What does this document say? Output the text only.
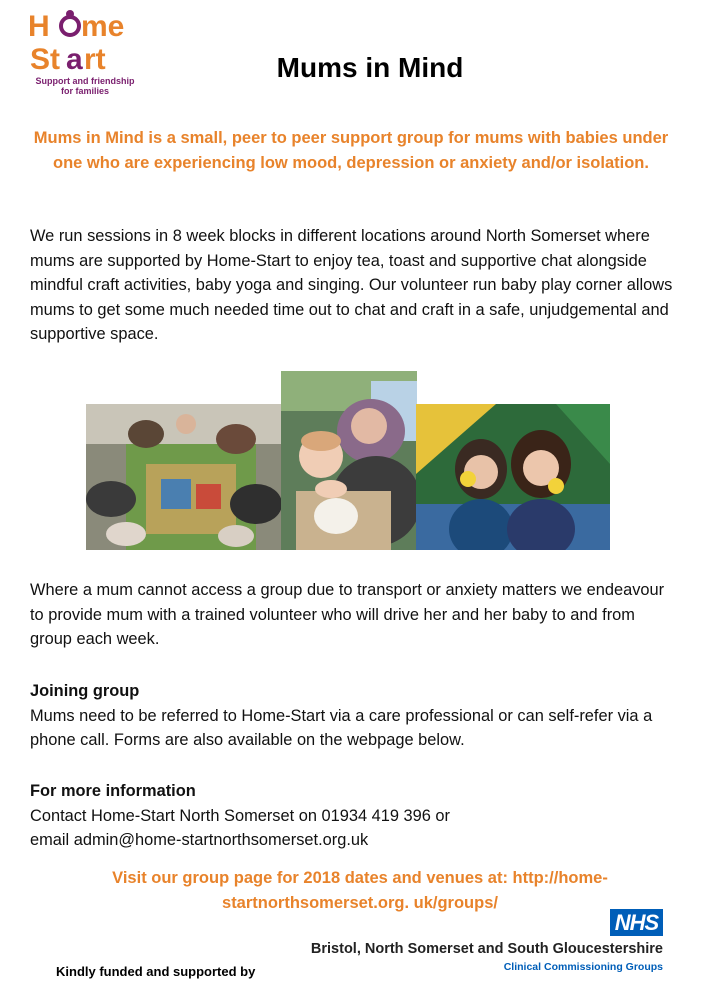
H me
St a rt
Support and friendship
for families
Mums in Mind
Mums in Mind is a small, peer to peer support group for mums with babies under one who are experiencing low mood, depression or anxiety and/or isolation.
We run sessions in 8 week blocks in different locations around North Somerset where mums are supported by Home-Start to enjoy tea, toast and supportive chat alongside mindful craft activities, baby yoga and singing. Our volunteer run baby play corner allows mums to get some much needed time out to chat and craft in a safe, unjudgemental and supportive space.
Where a mum cannot access a group due to transport or anxiety matters we endeavour to provide mum with a trained volunteer who will drive her and her baby to and from group each week.
Joining group
Mums need to be referred to Home-Start via a care professional or can self-refer via a phone call. Forms are also available on the webpage below.
For more information
Contact Home-Start North Somerset on 01934 419 396 or
email admin@home-startnorthsomerset.org.uk
Visit our group page for 2018 dates and venues at: http://home-startnorthsomerset.org. uk/groups/
NHS
Bristol, North Somerset and South Gloucestershire
Clinical Commissioning Groups
Kindly funded and supported by
